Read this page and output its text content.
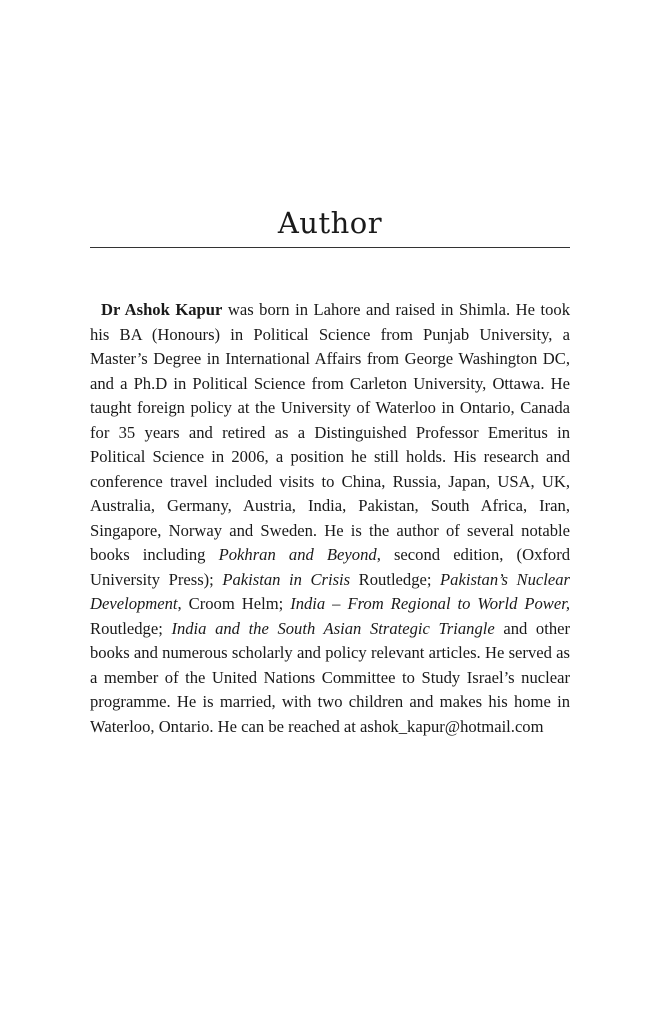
Author

Dr Ashok Kapur was born in Lahore and raised in Shimla. He took his BA (Honours) in Political Science from Punjab University, a Master’s Degree in International Affairs from George Washington DC, and a Ph.D in Political Science from Carleton University, Ottawa. He taught foreign policy at the University of Waterloo in Ontario, Canada for 35 years and retired as a Distinguished Professor Emeritus in Political Science in 2006, a position he still holds. His research and conference travel included visits to China, Russia, Japan, USA, UK, Australia, Germany, Austria, India, Pakistan, South Africa, Iran, Singapore, Norway and Sweden. He is the author of several notable books including Pokhran and Beyond, second edition, (Oxford University Press); Pakistan in Crisis Routledge; Pakistan’s Nuclear Development, Croom Helm; India – From Regional to World Power, Routledge; India and the South Asian Strategic Triangle and other books and numerous scholarly and policy relevant articles. He served as a member of the United Nations Committee to Study Israel’s nuclear programme. He is married, with two children and makes his home in Waterloo, Ontario. He can be reached at ashok_kapur@hotmail.com
